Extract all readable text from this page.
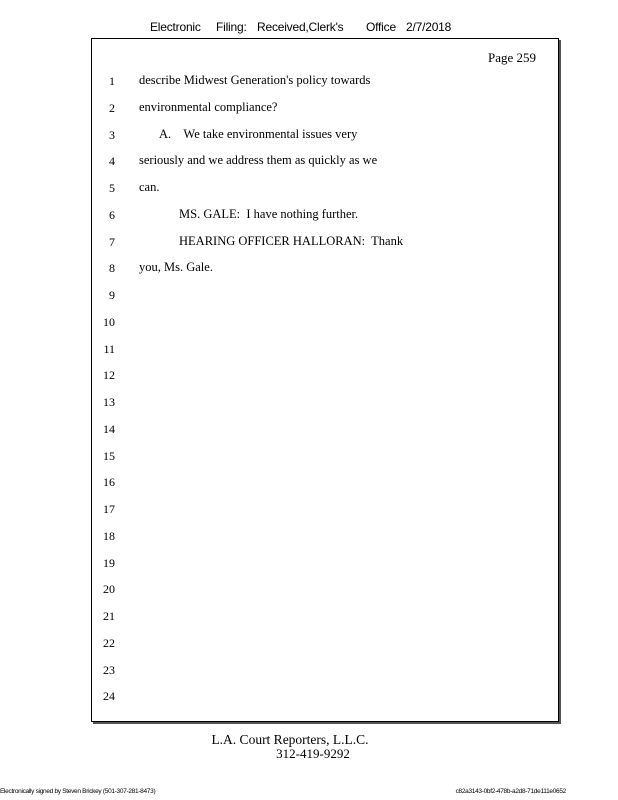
Electronic Filing: Received,Clerk's Office 2/7/2018
Page 259
1 describe Midwest Generation's policy towards
2 environmental compliance?
3	A.    We take environmental issues very
4 seriously and we address them as quickly as we
5 can.
6	MS. GALE:  I have nothing further.
7	HEARING OFFICER HALLORAN:  Thank
8 you, Ms. Gale.
9
10
11
12
13
14
15
16
17
18
19
20
21
22
23
24
L.A. Court Reporters, L.L.C.
312-419-9292
Electronically signed by Steven Brickey (501-307-281-8473)	c82a3143-0bf2-478b-a2d8-71de111e0652
